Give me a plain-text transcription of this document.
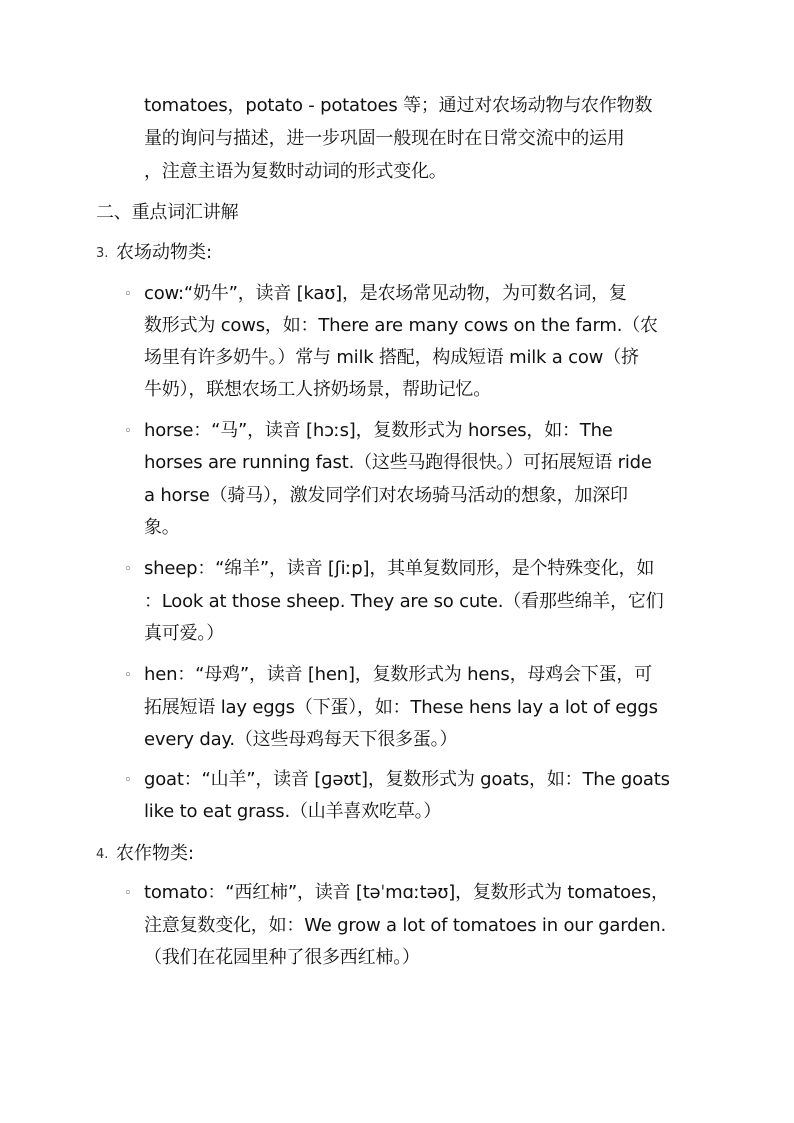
tomatoes，potato - potatoes 等；通过对农场动物与农作物数
量的询问与描述，进一步巩固一般现在时在日常交流中的运用
，注意主语为复数时动词的形式变化。
二、重点词汇讲解
3. 农场动物类:
◦ cow:“奶牛”，读音 [kaʊ]，是农场常见动物，为可数名词，复
数形式为 cows，如：There are many cows on the farm.（农
场里有许多奶牛。）常与 milk 搭配，构成短语 milk a cow（挤
牛奶），联想农场工人挤奶场景，帮助记忆。
◦ horse：“马”，读音 [hɔːs]，复数形式为 horses，如：The
horses are running fast.（这些马跑得很快。）可拓展短语 ride
a horse（骑马），激发同学们对农场骑马活动的想象，加深印
象。
◦ sheep：“绵羊”，读音 [ʃiːp]，其单复数同形，是个特殊变化，如
：Look at those sheep. They are so cute.（看那些绵羊，它们
真可爱。）
◦ hen：“母鸡”，读音 [hen]，复数形式为 hens，母鸡会下蛋，可
拓展短语 lay eggs（下蛋），如：These hens lay a lot of eggs
every day.（这些母鸡每天下很多蛋。）
◦ goat：“山羊”，读音 [ɡəʊt]，复数形式为 goats，如：The goats
like to eat grass.（山羊喜欢吃草。）
4. 农作物类:
◦ tomato：“西红柿”，读音 [təˈmɑːtəʊ]，复数形式为 tomatoes，
注意复数变化，如：We grow a lot of tomatoes in our garden.
（我们在花园里种了很多西红柿。）
